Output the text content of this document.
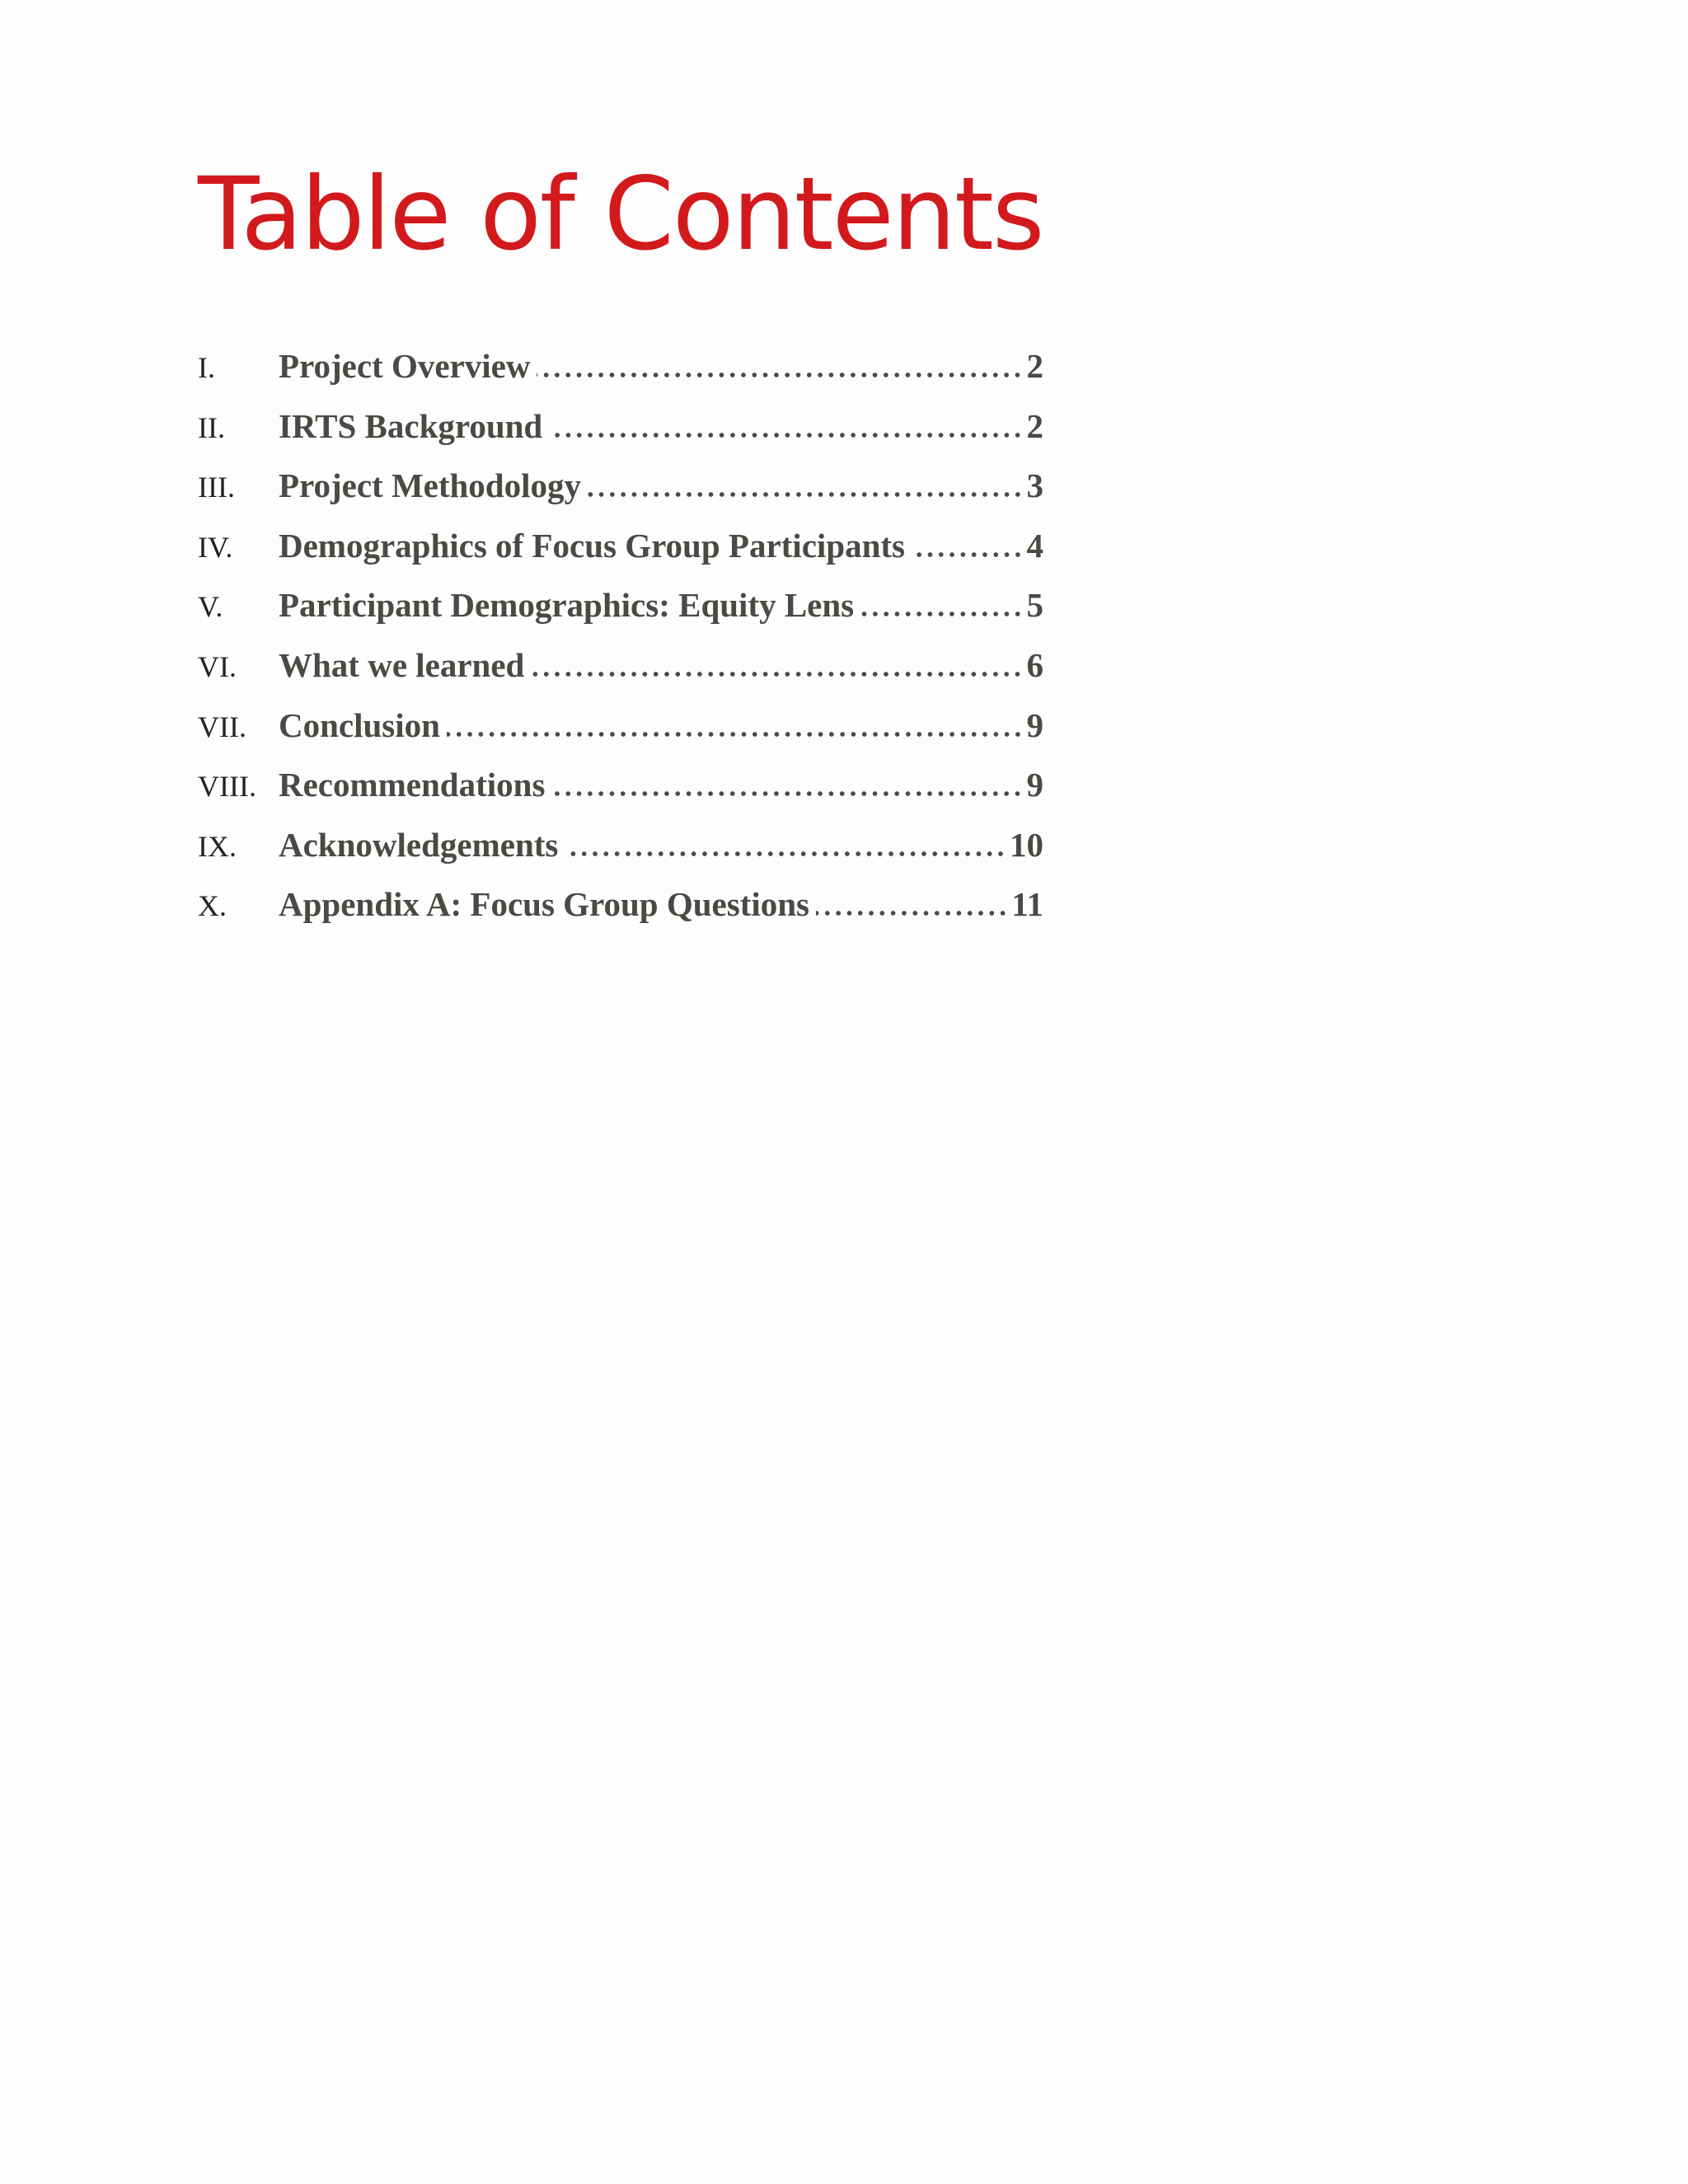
Table of Contents
I.	Project Overview	2
II.	IRTS Background	2
III.	Project Methodology	3
IV.	Demographics of Focus Group Participants	4
V.	Participant Demographics: Equity Lens	5
VI.	What we learned	6
VII. Conclusion	9
VIII. Recommendations	9
IX.	Acknowledgements	10
X.	Appendix A: Focus Group Questions	11
